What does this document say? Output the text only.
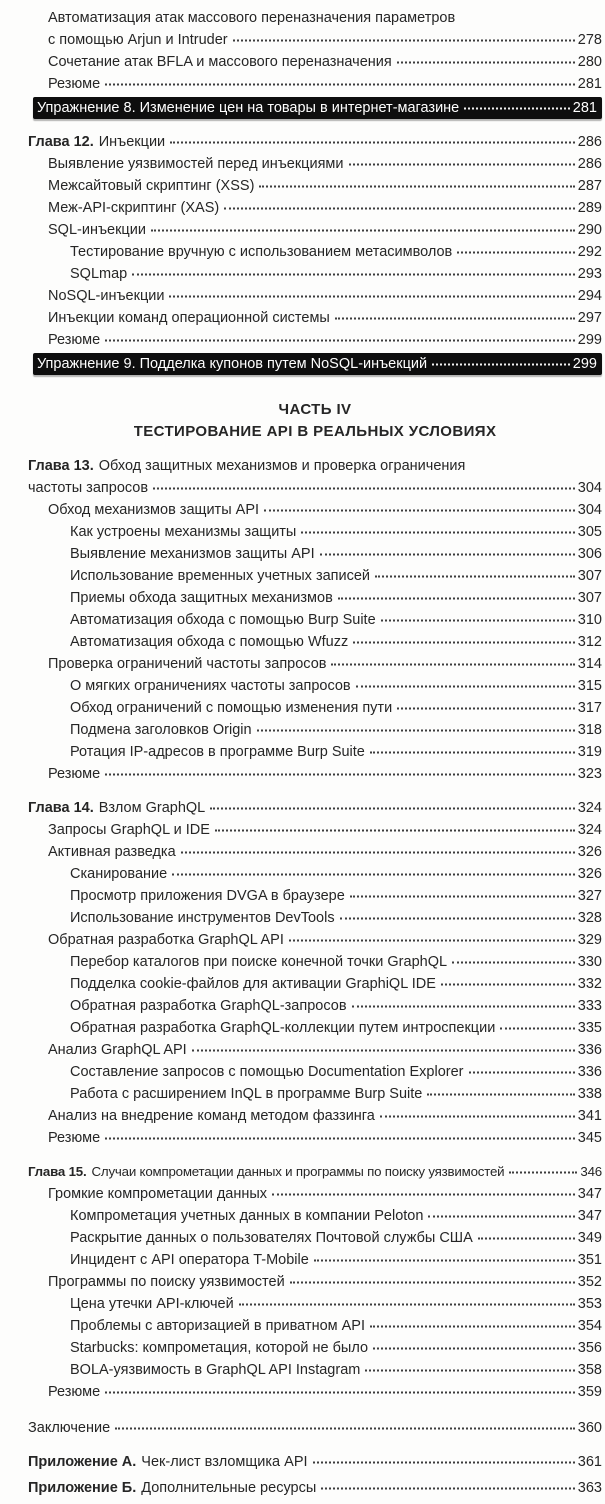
Автоматизация атак массового переназначения параметров
с помощью Arjun и Intruder	278
Сочетание атак BFLA и массового переназначения	280
Резюме	281
Упражнение 8. Изменение цен на товары в интернет-магазине	281
Глава 12. Инъекции	286
Выявление уязвимостей перед инъекциями	286
Межсайтовый скриптинг (XSS)	287
Меж-API-скриптинг (XAS)	289
SQL-инъекции	290
Тестирование вручную с использованием метасимволов	292
SQLmap	293
NoSQL-инъекции	294
Инъекции команд операционной системы	297
Резюме	299
Упражнение 9. Подделка купонов путем NoSQL-инъекций	299
ЧАСТЬ IV
ТЕСТИРОВАНИЕ API В РЕАЛЬНЫХ УСЛОВИЯХ
Глава 13. Обход защитных механизмов и проверка ограничения
частоты запросов	304
Обход механизмов защиты API	304
Как устроены механизмы защиты	305
Выявление механизмов защиты API	306
Использование временных учетных записей	307
Приемы обхода защитных механизмов	307
Автоматизация обхода с помощью Burp Suite	310
Автоматизация обхода с помощью Wfuzz	312
Проверка ограничений частоты запросов	314
О мягких ограничениях частоты запросов	315
Обход ограничений с помощью изменения пути	317
Подмена заголовков Origin	318
Ротация IP-адресов в программе Burp Suite	319
Резюме	323
Глава 14. Взлом GraphQL	324
Запросы GraphQL и IDE	324
Активная разведка	326
Сканирование	326
Просмотр приложения DVGA в браузере	327
Использование инструментов DevTools	328
Обратная разработка GraphQL API	329
Перебор каталогов при поиске конечной точки GraphQL	330
Подделка cookie-файлов для активации GraphiQL IDE	332
Обратная разработка GraphQL-запросов	333
Обратная разработка GraphQL-коллекции путем интроспекции	335
Анализ GraphQL API	336
Составление запросов с помощью Documentation Explorer	336
Работа с расширением InQL в программе Burp Suite	338
Анализ на внедрение команд методом фаззинга	341
Резюме	345
Глава 15. Случаи компрометации данных и программы по поиску уязвимостей	346
Громкие компрометации данных	347
Компрометация учетных данных в компании Peloton	347
Раскрытие данных о пользователях Почтовой службы США	349
Инцидент с API оператора T-Mobile	351
Программы по поиску уязвимостей	352
Цена утечки API-ключей	353
Проблемы с авторизацией в приватном API	354
Starbucks: компрометация, которой не было	356
BOLA-уязвимость в GraphQL API Instagram	358
Резюме	359
Заключение	360
Приложение А. Чек-лист взломщика API	361
Приложение Б. Дополнительные ресурсы	363
